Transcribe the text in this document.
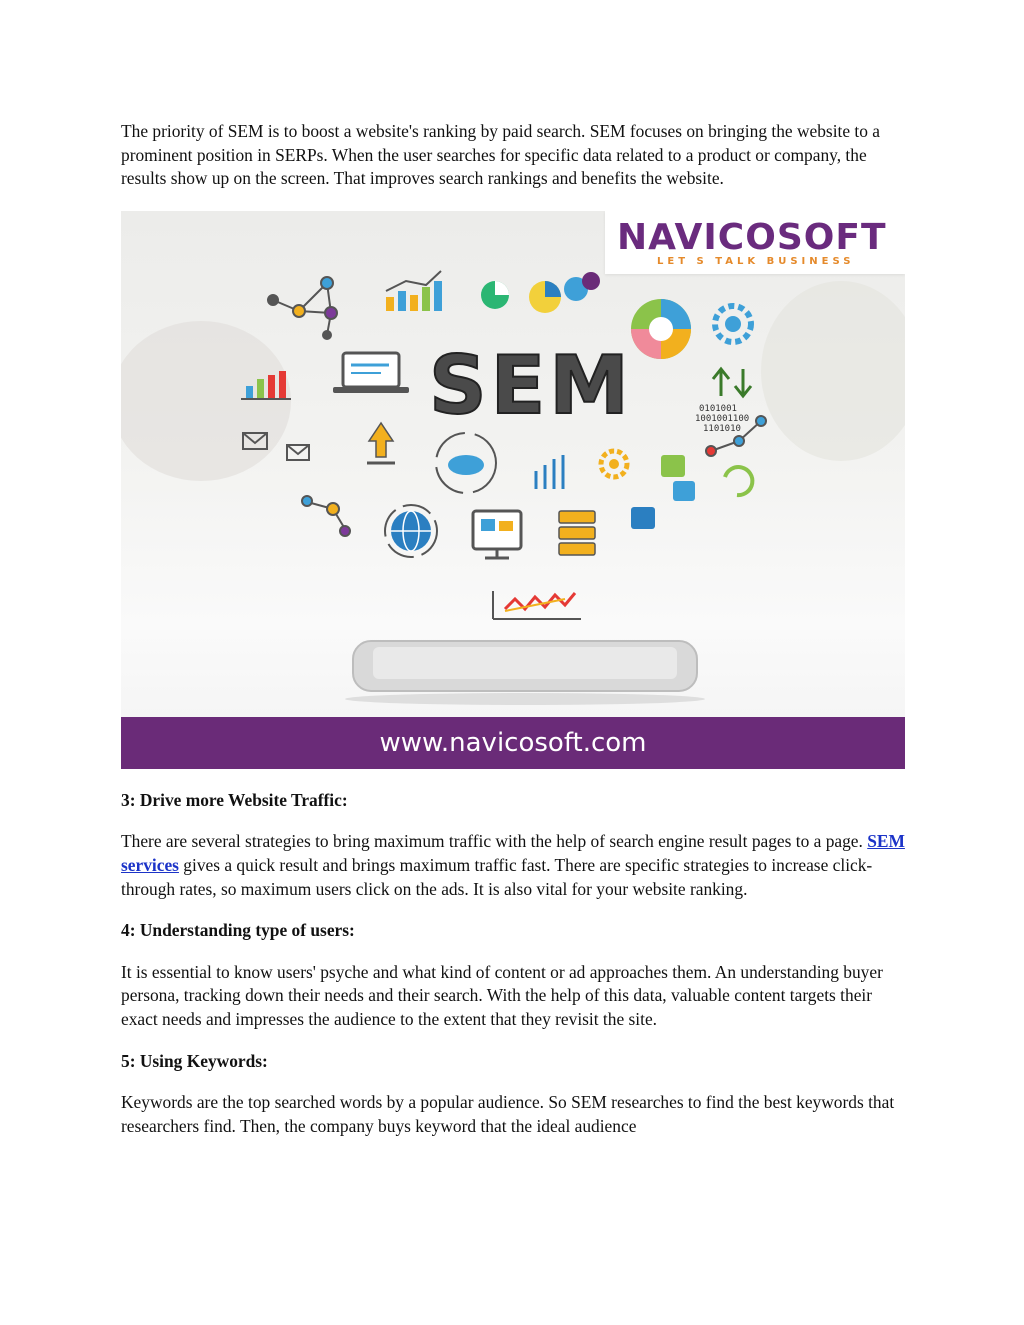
The priority of SEM is to boost a website's ranking by paid search. SEM focuses on bringing the website to a prominent position in SERPs. When the user searches for specific data related to a product or company, the results show up on the screen. That improves search rankings and benefits the website.

0101001
1001001100
1101010
SEM
NAVICOSOFT
LET S TALK BUSINESS
www.navicosoft.com
3: Drive more Website Traffic:

There are several strategies to bring maximum traffic with the help of search engine result pages to a page. SEM services gives a quick result and brings maximum traffic fast. There are specific strategies to increase click-through rates, so maximum users click on the ads. It is also vital for your website ranking.

4: Understanding type of users:

It is essential to know users' psyche and what kind of content or ad approaches them. An understanding buyer persona, tracking down their needs and their search. With the help of this data, valuable content targets their exact needs and impresses the audience to the extent that they revisit the site.

5: Using Keywords:

Keywords are the top searched words by a popular audience. So SEM researches to find the best keywords that researchers find. Then, the company buys keyword that the ideal audience
